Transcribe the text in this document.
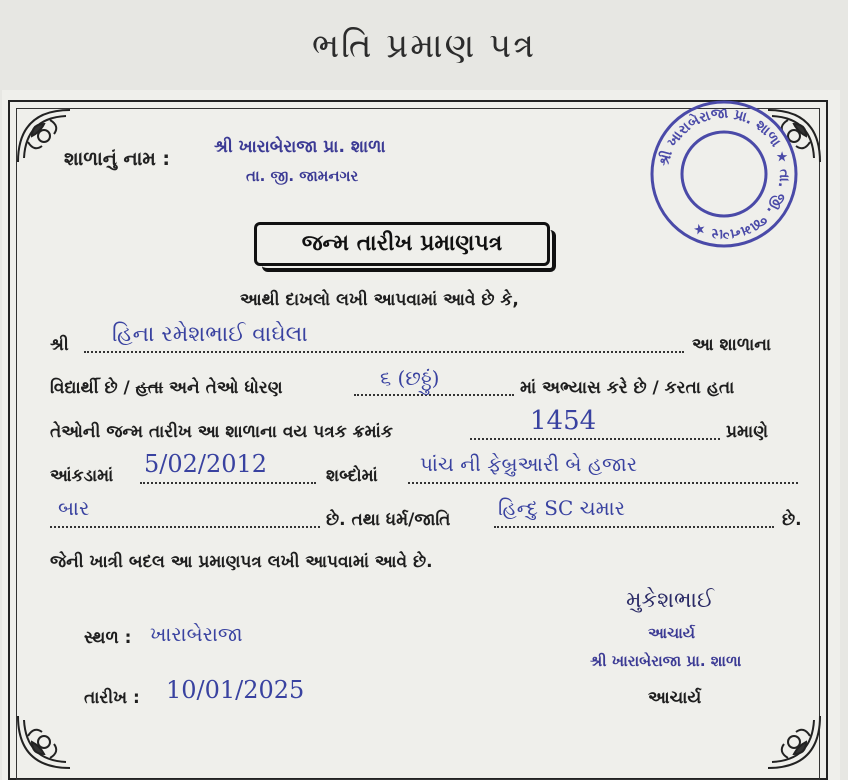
ભતિ પ્રમાણ પત્ર
શાળાનું નામ :
શ્રી ખારાબેરાજા પ્રા. શાળા
તા. જી. જામનગર
શ્રી ખારાબેરાજા પ્રા. શાળા ★ તા. જી. જામનગર ★
જન્મ તારીખ પ્રમાણપત્ર
આથી દાખલો લખી આપવામાં આવે છે કે,
શ્રી હિના રમેશભાઈ વાઘેલા	આ શાળાના
વિદ્યાર્થી છે / હતા અને તેઓ ધોરણ	૬ (છઠ્ઠું)	માં અભ્યાસ કરે છે / કરતા હતા
તેઓની જન્મ તારીખ આ શાળાના વય પત્રક ક્રમાંક	1454	પ્રમાણે
આંકડામાં 5/02/2012	શબ્દોમાં પાંચ ની ફેબ્રુઆરી બે હજાર
બાર	છે. તથા ધર્મ/જાતિ હિન્દુ SC ચમાર	છે.
જેની ખાત્રી બદલ આ પ્રમાણપત્ર લખી આપવામાં આવે છે.
સ્થળ : ખારાબેરાજા
તારીખ : 10/01/2025
મુકેશભાઈ
આચાર્ય
શ્રી ખારાબેરાજા પ્રા. શાળા
આચાર્ય
